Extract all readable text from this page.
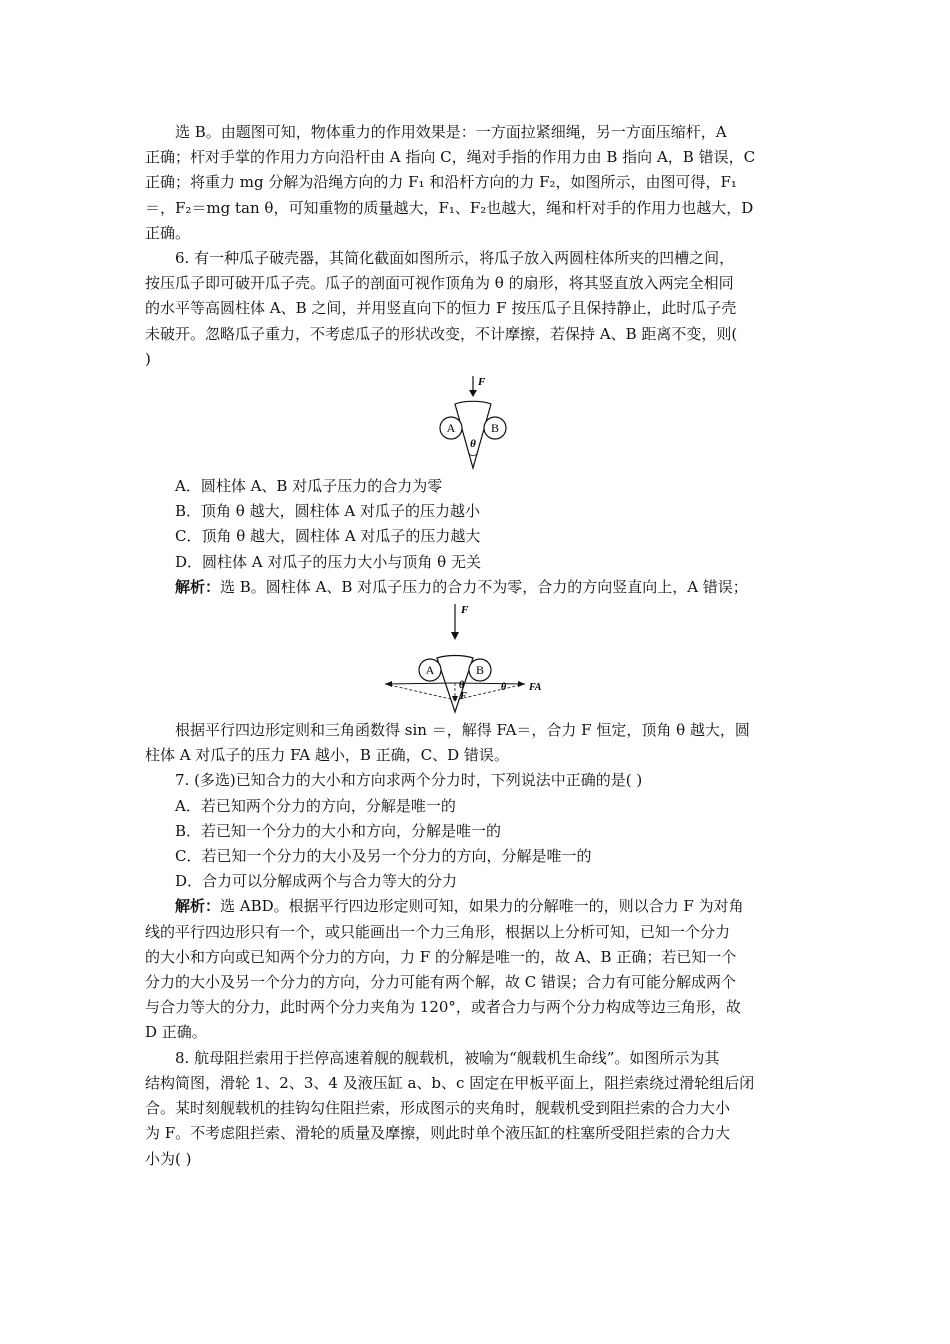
选 B。由题图可知，物体重力的作用效果是：一方面拉紧细绳，另一方面压缩杆，A

正确；杆对手掌的作用力方向沿杆由 A 指向 C，绳对手指的作用力由 B 指向 A，B 错误，C

正确；将重力 mg 分解为沿绳方向的力 F₁ 和沿杆方向的力 F₂，如图所示，由图可得，F₁

＝，F₂＝mg tan θ，可知重物的质量越大，F₁、F₂也越大，绳和杆对手的作用力也越大，D

正确。

6. 有一种瓜子破壳器，其简化截面如图所示，将瓜子放入两圆柱体所夹的凹槽之间，

按压瓜子即可破开瓜子壳。瓜子的剖面可视作顶角为 θ 的扇形，将其竖直放入两完全相同

的水平等高圆柱体 A、B 之间，并用竖直向下的恒力 F 按压瓜子且保持静止，此时瓜子壳

未破开。忽略瓜子重力，不考虑瓜子的形状改变，不计摩擦，若保持 A、B 距离不变，则(

)

F
A	B
θ

A．圆柱体 A、B 对瓜子压力的合力为零

B．顶角 θ 越大，圆柱体 A 对瓜子的压力越小

C．顶角 θ 越大，圆柱体 A 对瓜子的压力越大

D．圆柱体 A 对瓜子的压力大小与顶角 θ 无关

解析：选 B。圆柱体 A、B 对瓜子压力的合力不为零，合力的方向竖直向上，A 错误；

F
A	B
θ	θ FA
F

根据平行四边形定则和三角函数得 sin ＝，解得 FA＝，合力 F 恒定，顶角 θ 越大，圆

柱体 A 对瓜子的压力 FA 越小，B 正确，C、D 错误。

7. (多选)已知合力的大小和方向求两个分力时，下列说法中正确的是( )

A．若已知两个分力的方向，分解是唯一的

B．若已知一个分力的大小和方向，分解是唯一的

C．若已知一个分力的大小及另一个分力的方向，分解是唯一的

D．合力可以分解成两个与合力等大的分力

解析：选 ABD。根据平行四边形定则可知，如果力的分解唯一的，则以合力 F 为对角

线的平行四边形只有一个，或只能画出一个力三角形，根据以上分析可知，已知一个分力

的大小和方向或已知两个分力的方向，力 F 的分解是唯一的，故 A、B 正确；若已知一个

分力的大小及另一个分力的方向，分力可能有两个解，故 C 错误；合力有可能分解成两个

与合力等大的分力，此时两个分力夹角为 120°，或者合力与两个分力构成等边三角形，故

D 正确。

8. 航母阻拦索用于拦停高速着舰的舰载机，被喻为“舰载机生命线”。如图所示为其

结构简图，滑轮 1、2、3、4 及液压缸 a、b、c 固定在甲板平面上，阻拦索绕过滑轮组后闭

合。某时刻舰载机的挂钩勾住阻拦索，形成图示的夹角时，舰载机受到阻拦索的合力大小

为 F。不考虑阻拦索、滑轮的质量及摩擦，则此时单个液压缸的柱塞所受阻拦索的合力大

小为( )
